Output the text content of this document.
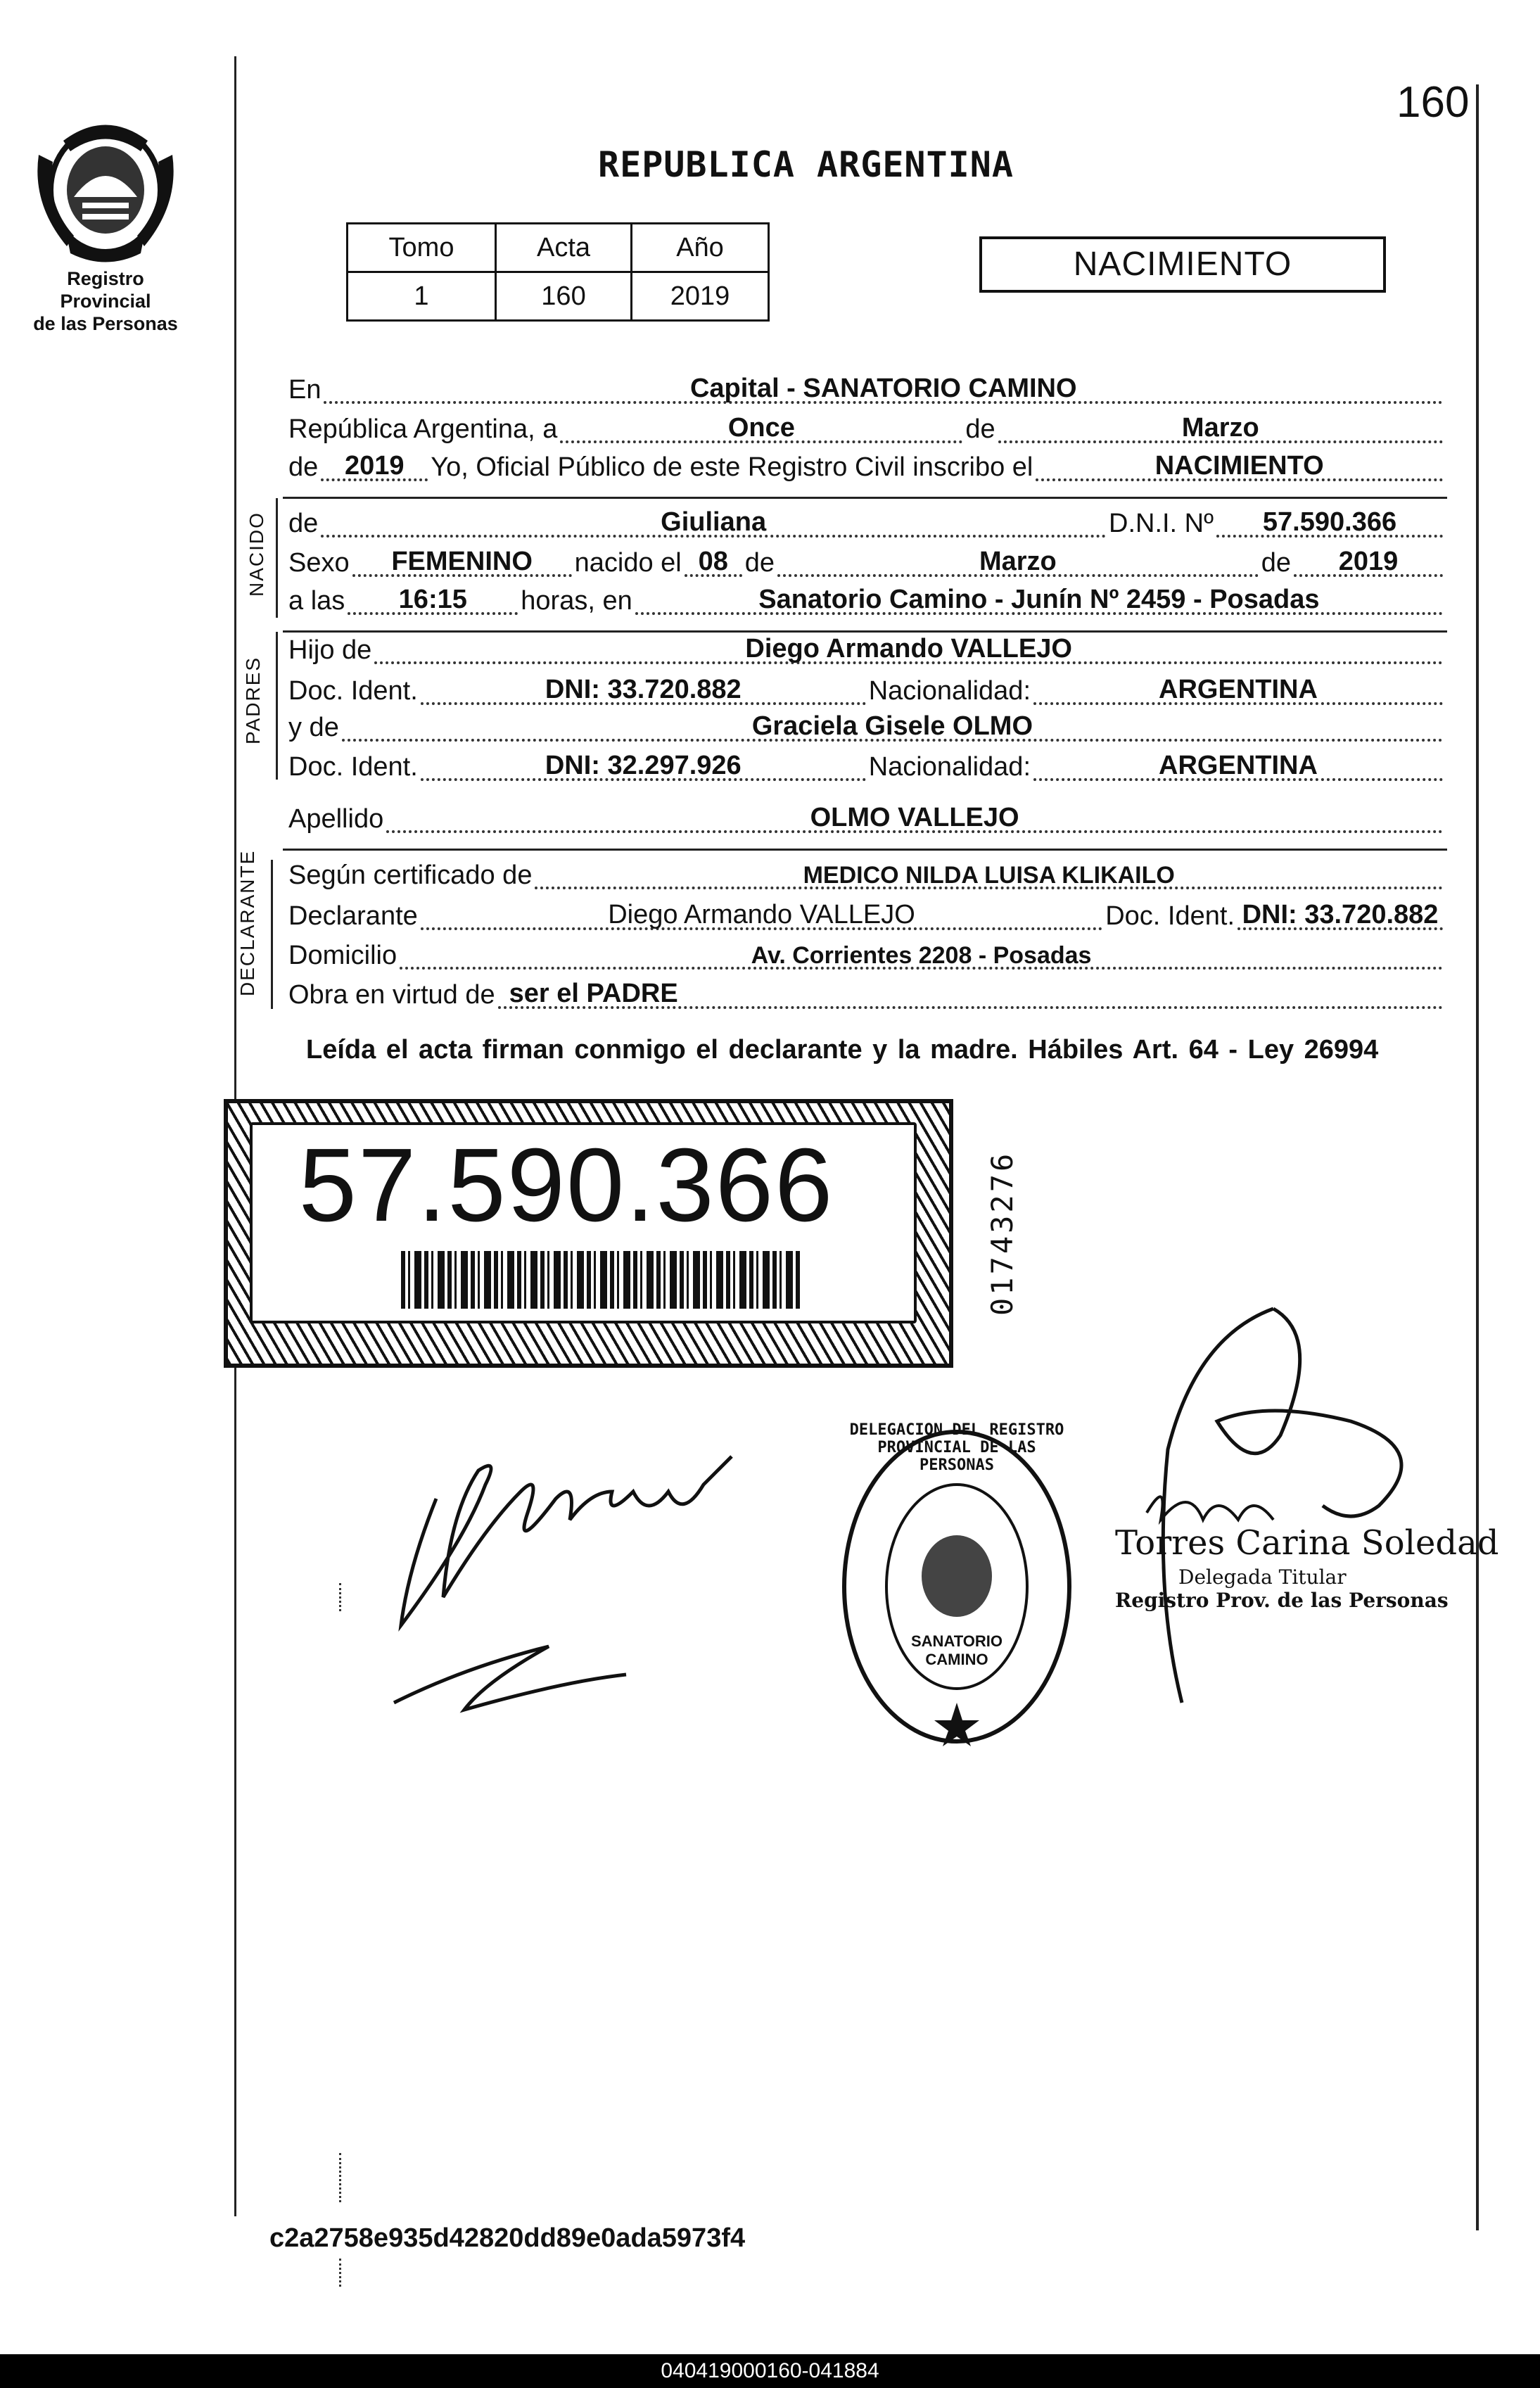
Registro Provincial
de las Personas
160
REPUBLICA ARGENTINA
Tomo	Acta	Año
1	160	2019
NACIMIENTO
En	Capital - SANATORIO CAMINO
República Argentina, a	Once	de	Marzo
de 2019 Yo, Oficial Público de este Registro Civil inscribo el	NACIMIENTO
NACIDO de	Giuliana	D.N.I. Nº	57.590.366
Sexo	FEMENINO	nacido el 08 de	Marzo	de	2019
a las	16:15	horas, en	Sanatorio Camino - Junín Nº 2459 - Posadas
PADRES
Hijo de	Diego Armando VALLEJO
Doc. Ident.	DNI: 33.720.882	Nacionalidad:	ARGENTINA
y de	Graciela Gisele OLMO
Doc. Ident.	DNI: 32.297.926	Nacionalidad:	ARGENTINA
Apellido	OLMO VALLEJO
DECLARANTE Según certificado de	MEDICO NILDA LUISA KLIKAILO
Declarante	Diego Armando VALLEJO	Doc. Ident. DNI: 33.720.882
Domicilio	Av. Corrientes 2208 - Posadas
Obra en virtud de ser el PADRE
Leída el acta firman conmigo el declarante y la madre. Hábiles Art. 64 - Ley 26994
57.590.366	01743276
DELEGACION DEL REGISTRO PROVINCIAL DE LAS PERSONAS
SANATORIO CAMINO
Torres Carina Soledad
Delegada Titular
Registro Prov. de las Personas
c2a2758e935d42820dd89e0ada5973f4
040419000160-041884
